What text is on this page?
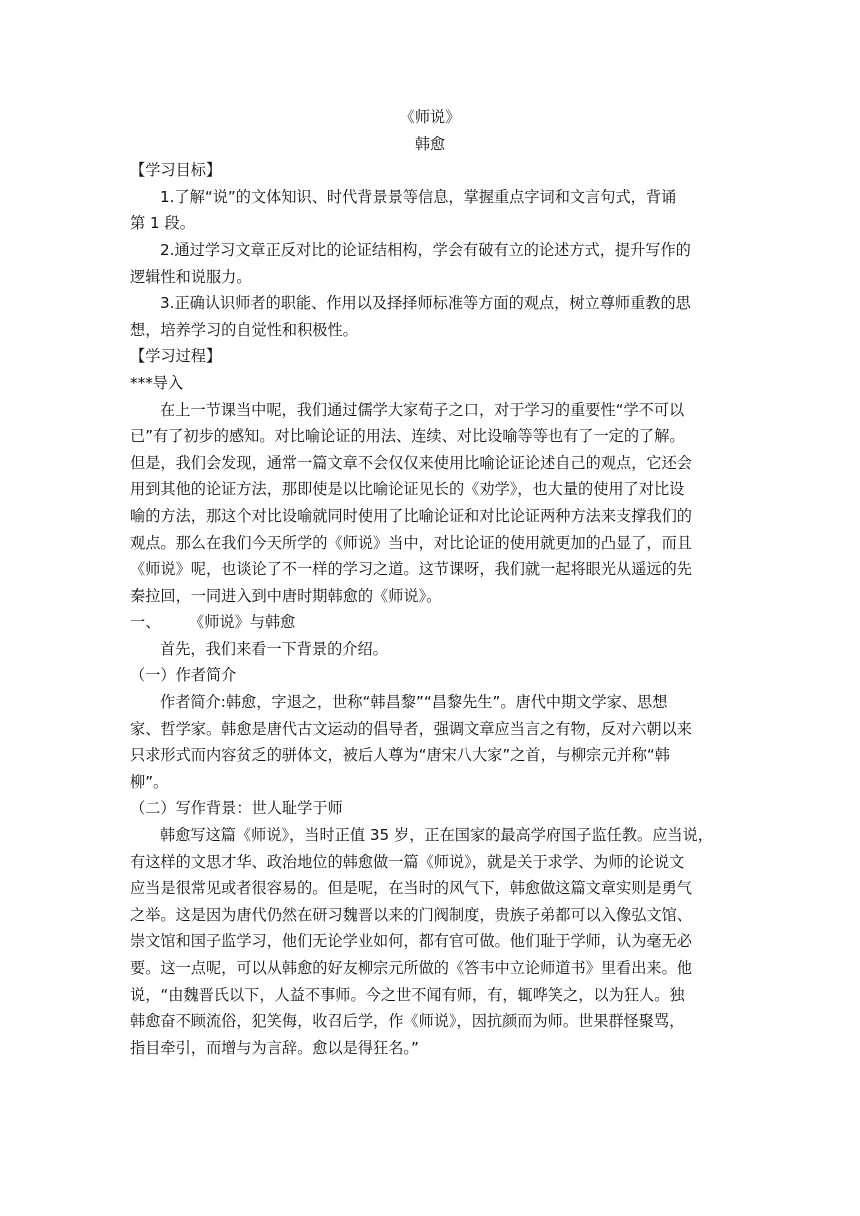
《师说》
韩愈
【学习目标】
1.了解“说”的文体知识、时代背景景等信息，掌握重点字词和文言句式，背诵
第 1 段。
2.通过学习文章正反对比的论证结相构，学会有破有立的论述方式，提升写作的
逻辑性和说服力。
3.正确认识师者的职能、作用以及择择师标准等方面的观点，树立尊师重教的思
想，培养学习的自觉性和积极性。
【学习过程】
***导入
在上一节课当中呢，我们通过儒学大家荀子之口，对于学习的重要性“学不可以
已”有了初步的感知。对比喻论证的用法、连续、对比设喻等等也有了一定的了解。
但是，我们会发现，通常一篇文章不会仅仅来使用比喻论证论述自己的观点，它还会
用到其他的论证方法，那即使是以比喻论证见长的《劝学》，也大量的使用了对比设
喻的方法，那这个对比设喻就同时使用了比喻论证和对比论证两种方法来支撑我们的
观点。那么在我们今天所学的《师说》当中，对比论证的使用就更加的凸显了，而且
《师说》呢，也谈论了不一样的学习之道。这节课呀，我们就一起将眼光从遥远的先
秦拉回，一同进入到中唐时期韩愈的《师说》。
一、 《师说》与韩愈
首先，我们来看一下背景的介绍。
（一）作者简介
作者简介:韩愈，字退之，世称“韩昌黎”“昌黎先生”。唐代中期文学家、思想
家、哲学家。韩愈是唐代古文运动的倡导者，强调文章应当言之有物，反对六朝以来
只求形式而内容贫乏的骈体文，被后人尊为“唐宋八大家”之首，与柳宗元并称“韩
柳”。
（二）写作背景：世人耻学于师
韩愈写这篇《师说》，当时正值 35 岁，正在国家的最高学府国子监任教。应当说，
有这样的文思才华、政治地位的韩愈做一篇《师说》，就是关于求学、为师的论说文
应当是很常见或者很容易的。但是呢，在当时的风气下，韩愈做这篇文章实则是勇气
之举。这是因为唐代仍然在研习魏晋以来的门阀制度，贵族子弟都可以入像弘文馆、
崇文馆和国子监学习，他们无论学业如何，都有官可做。他们耻于学师，认为毫无必
要。这一点呢，可以从韩愈的好友柳宗元所做的《答韦中立论师道书》里看出来。他
说，“由魏晋氏以下，人益不事师。今之世不闻有师，有，辄哗笑之，以为狂人。独
韩愈奋不顾流俗，犯笑侮，收召后学，作《师说》，因抗颜而为师。世果群怪聚骂，
指目牵引，而增与为言辞。愈以是得狂名。”
